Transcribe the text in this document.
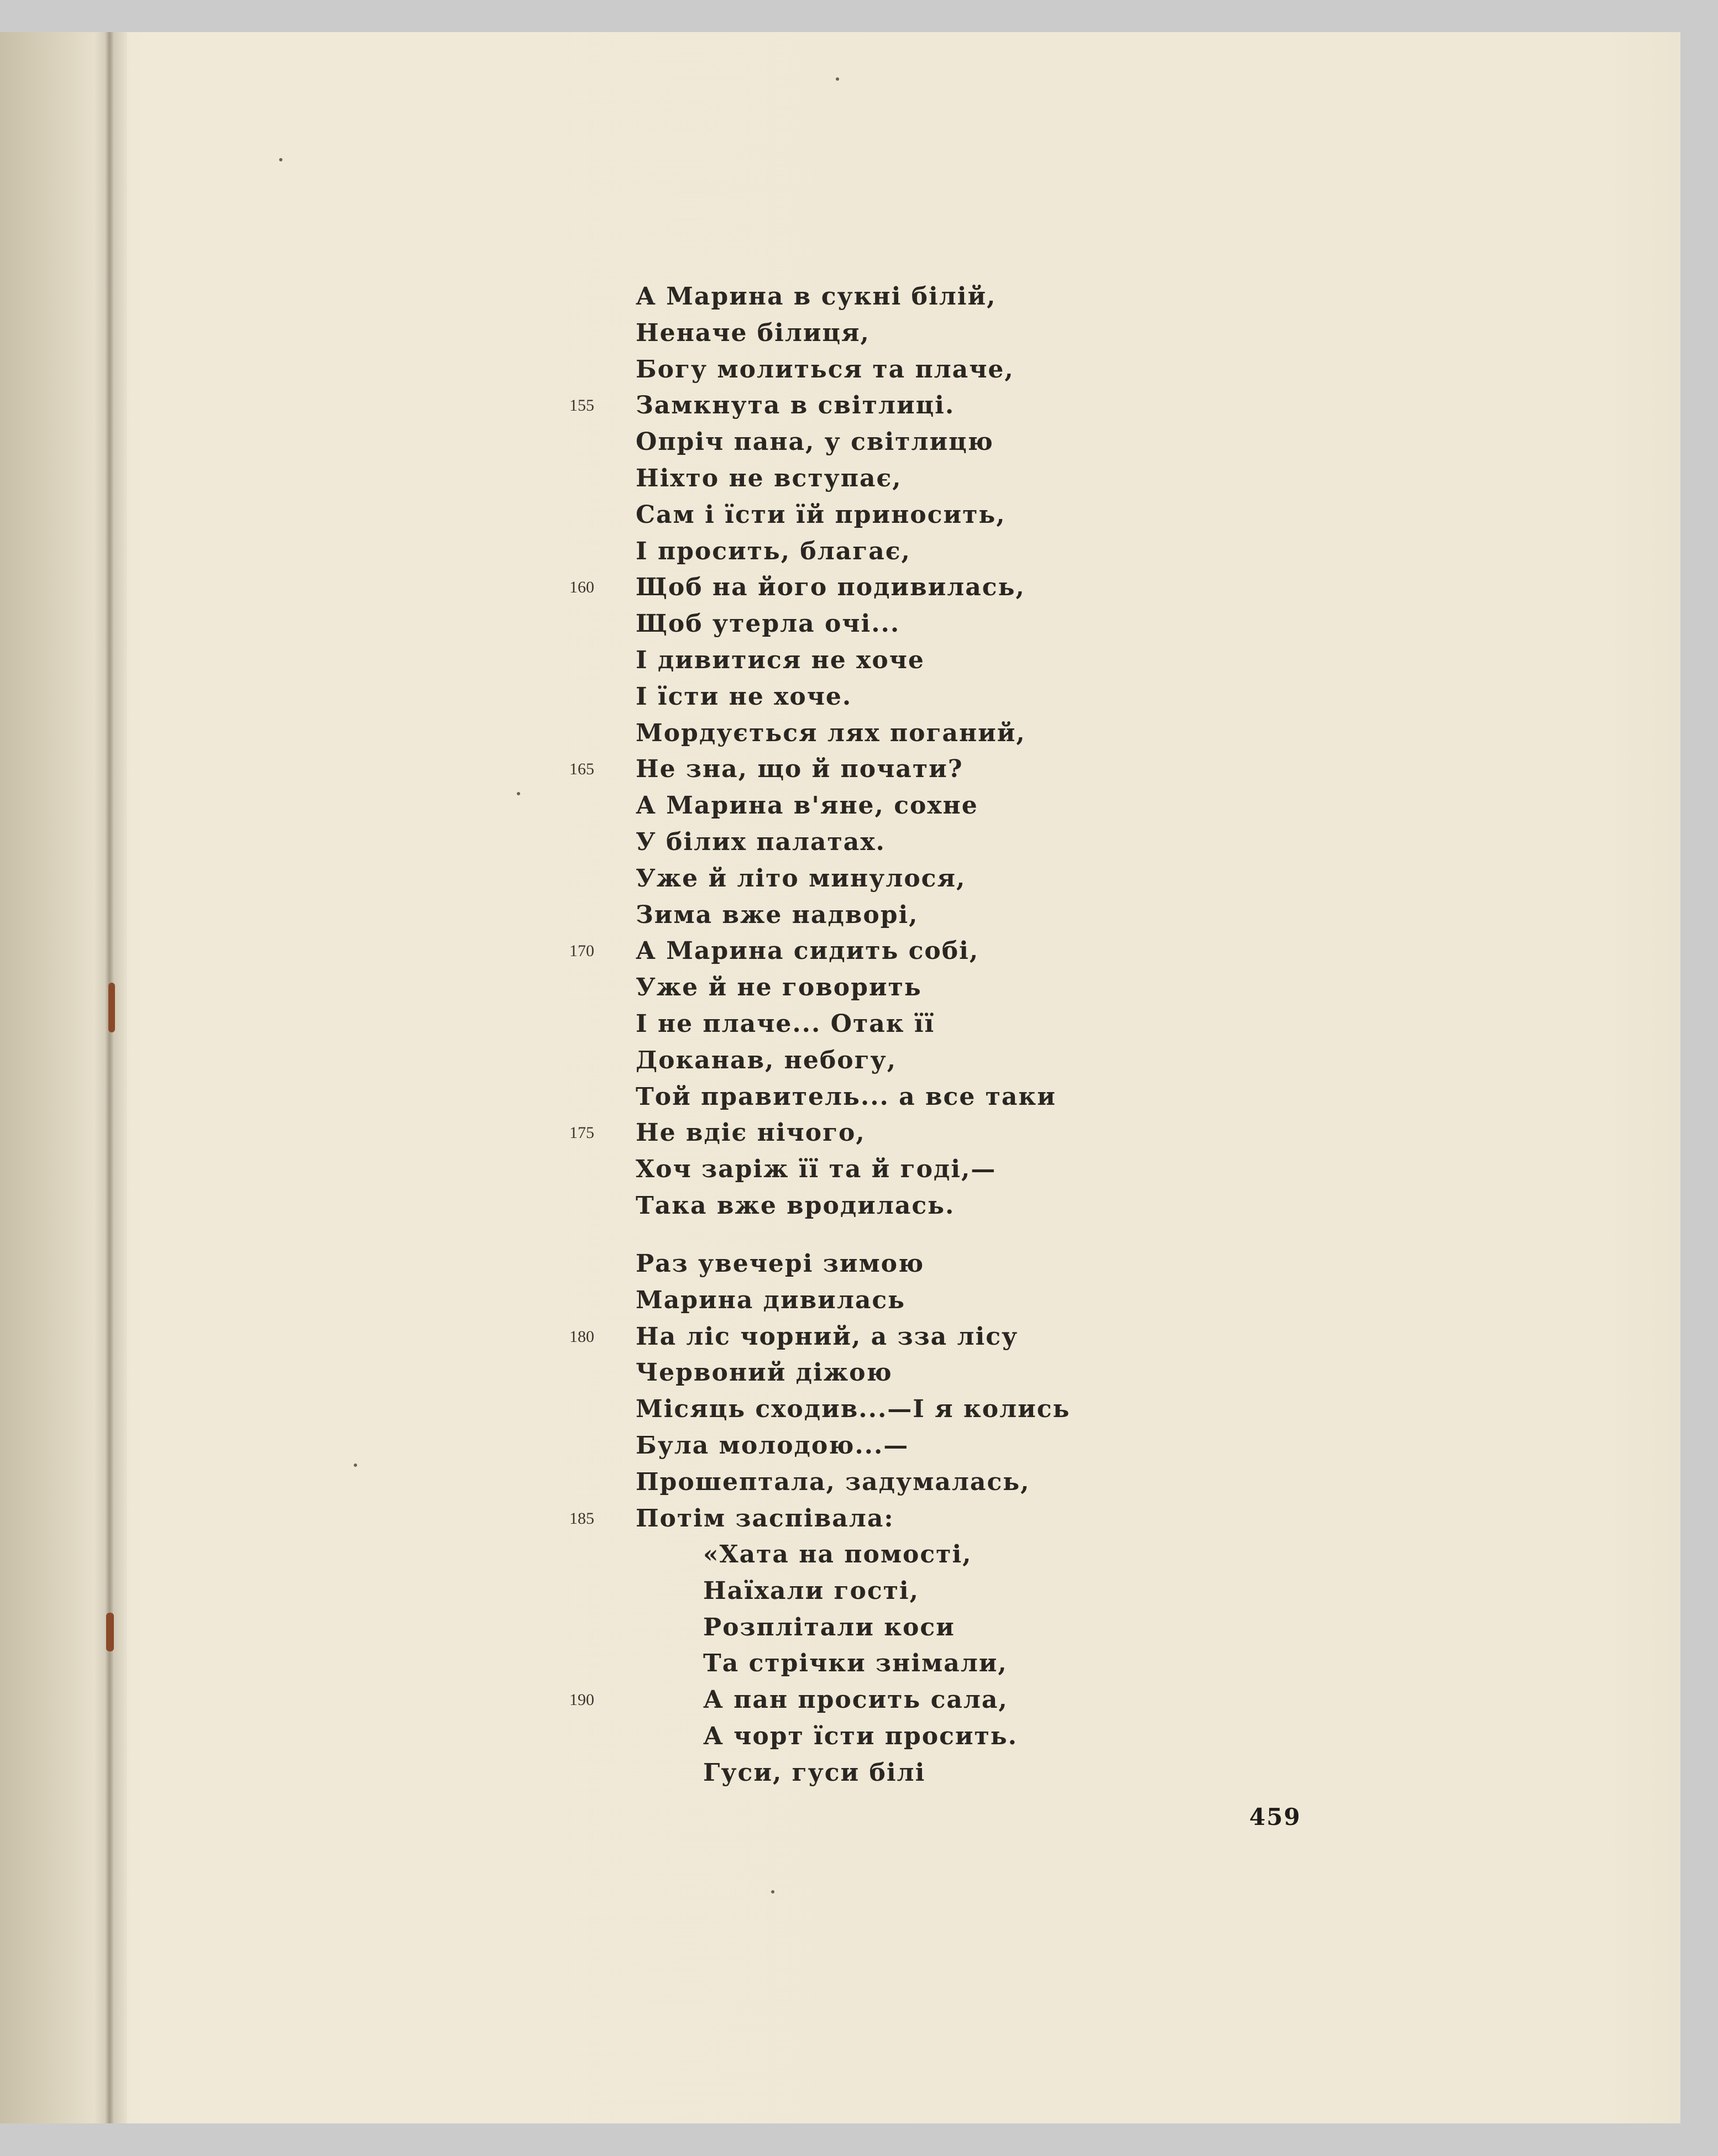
А Марина в сукні білій,
Неначе білиця,
Богу молиться та плаче,
Замкнута в світлиці.
155
Опріч пана, у світлицю
Ніхто не вступає,
Сам і їсти їй приносить,
І просить, благає,
Щоб на його подивилась,
160
Щоб утерла очі...
І дивитися не хоче
І їсти не хоче.
Мордується лях поганий,
Не зна, що й почати?
165
А Марина в'яне, сохне
У білих палатах.
Уже й літо минулося,
Зима вже надворі,
А Марина сидить собі,
170
Уже й не говорить
І не плаче... Отак її
Доканав, небогу,
Той правитель... а все таки
Не вдіє нічого,
175
Хоч заріж її та й годі,—
Така вже вродилась.
Раз увечері зимою
Марина дивилась
На ліс чорний, а зза лісу
180
Червоний діжою
Місяць сходив...—І я колись
Була молодою...—
Прошептала, задумалась,
Потім заспівала:
185
«Хата на помості,
Наїхали гості,
Розплітали коси
Та стрічки знімали,
А пан просить сала,
190
А чорт їсти просить.
Гуси, гуси білі
459
